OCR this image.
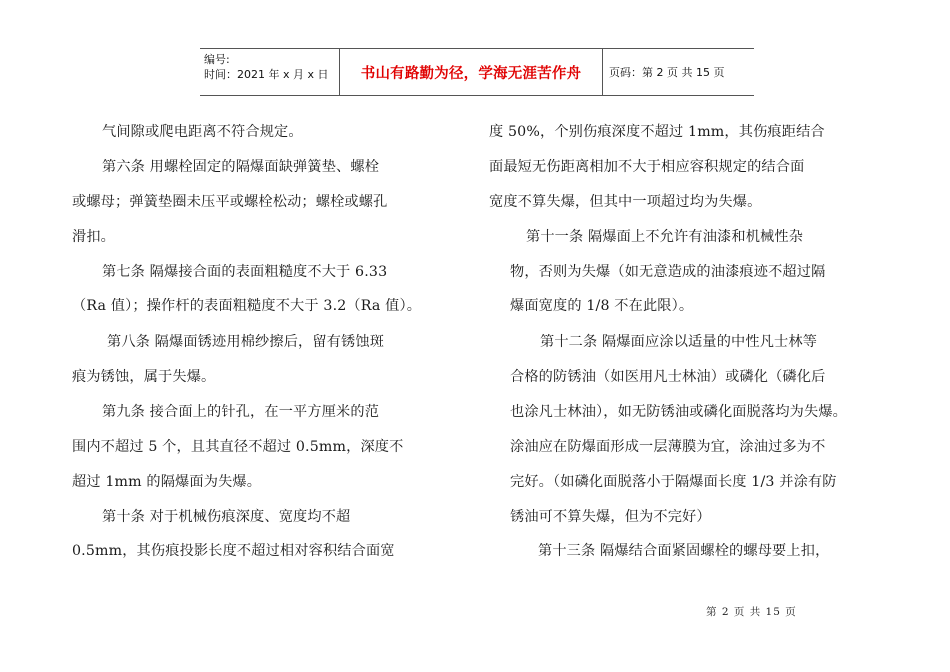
编号:
时间：2021 年 x 月 x 日	书山有路勤为径，学海无涯苦作舟	页码：第 2 页 共 15 页
气间隙或爬电距离不符合规定。
第六条 用螺栓固定的隔爆面缺弹簧垫、螺栓
或螺母；弹簧垫圈未压平或螺栓松动；螺栓或螺孔
滑扣。
第七条 隔爆接合面的表面粗糙度不大于 6.33
（Ra 值）；操作杆的表面粗糙度不大于 3.2（Ra 值）。
第八条 隔爆面锈迹用棉纱擦后，留有锈蚀斑
痕为锈蚀，属于失爆。
第九条 接合面上的针孔，在一平方厘米的范
围内不超过 5 个，且其直径不超过 0.5mm，深度不
超过 1mm 的隔爆面为失爆。
第十条 对于机械伤痕深度、宽度均不超
0.5mm，其伤痕投影长度不超过相对容积结合面宽
度 50%，个别伤痕深度不超过 1mm，其伤痕距结合
面最短无伤距离相加不大于相应容积规定的结合面
宽度不算失爆，但其中一项超过均为失爆。
第十一条 隔爆面上不允许有油漆和机械性杂
物，否则为失爆（如无意造成的油漆痕迹不超过隔
爆面宽度的 1/8 不在此限）。
第十二条 隔爆面应涂以适量的中性凡士林等
合格的防锈油（如医用凡士林油）或磷化（磷化后
也涂凡士林油），如无防锈油或磷化面脱落均为失爆。
涂油应在防爆面形成一层薄膜为宜，涂油过多为不
完好。（如磷化面脱落小于隔爆面长度 1/3 并涂有防
锈油可不算失爆，但为不完好）
第十三条 隔爆结合面紧固螺栓的螺母要上扣，
第 2 页 共 15 页
